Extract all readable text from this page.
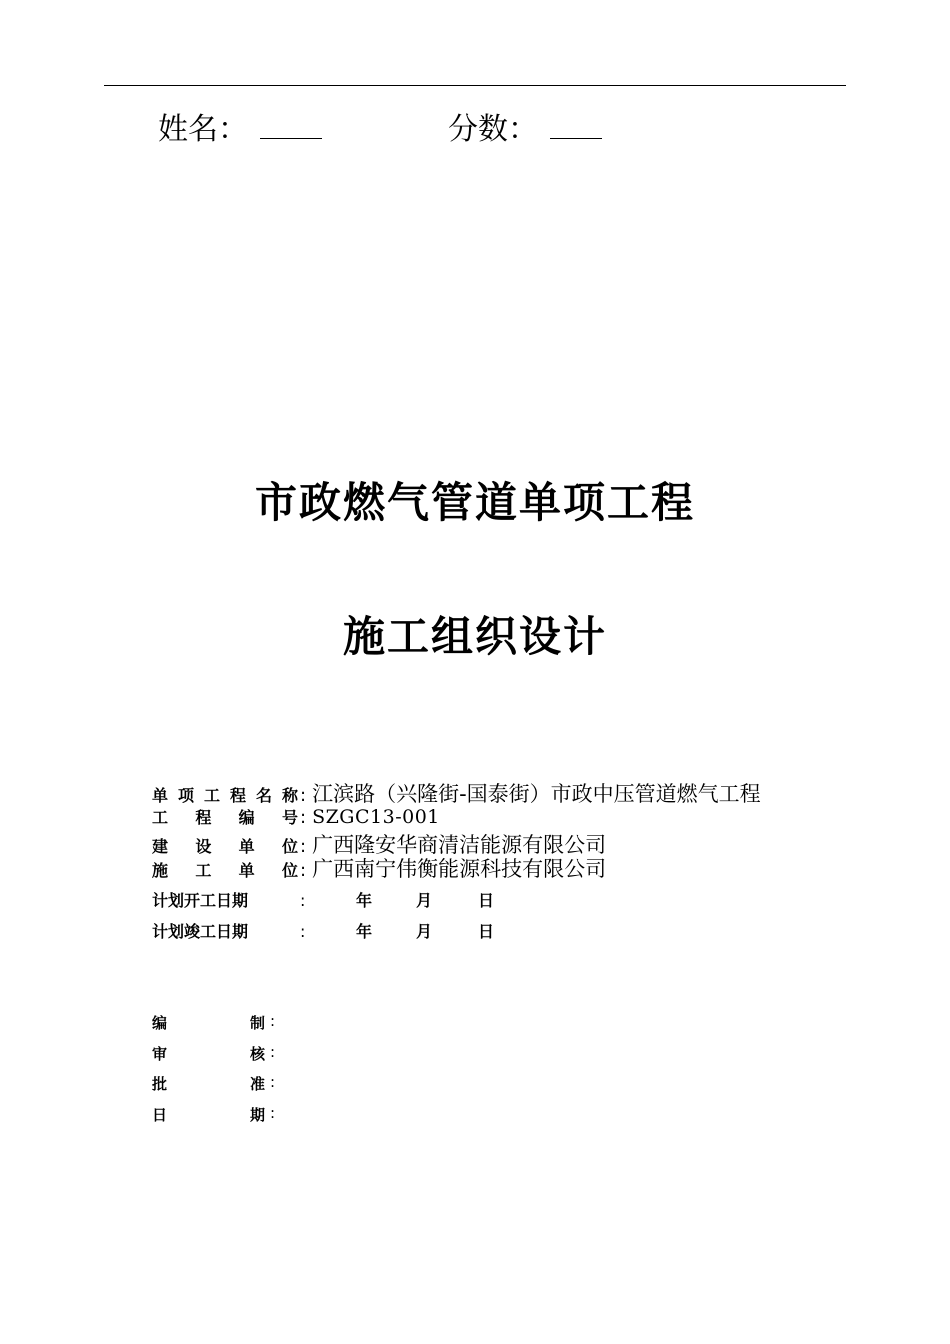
姓名：	分数：
市政燃气管道单项工程
施工组织设计
单项工程名称 : 江滨路（兴隆街-国泰街）市政中压管道燃气工程
工程编号 : SZGC13-001
建设单位 : 广西隆安华商清洁能源有限公司
施工单位 : 广西南宁伟衡能源科技有限公司
计划开工日期	:	年	月	日
计划竣工日期	:	年	月	日
编	制 :
审	核 :
批	准 :
日	期 :
